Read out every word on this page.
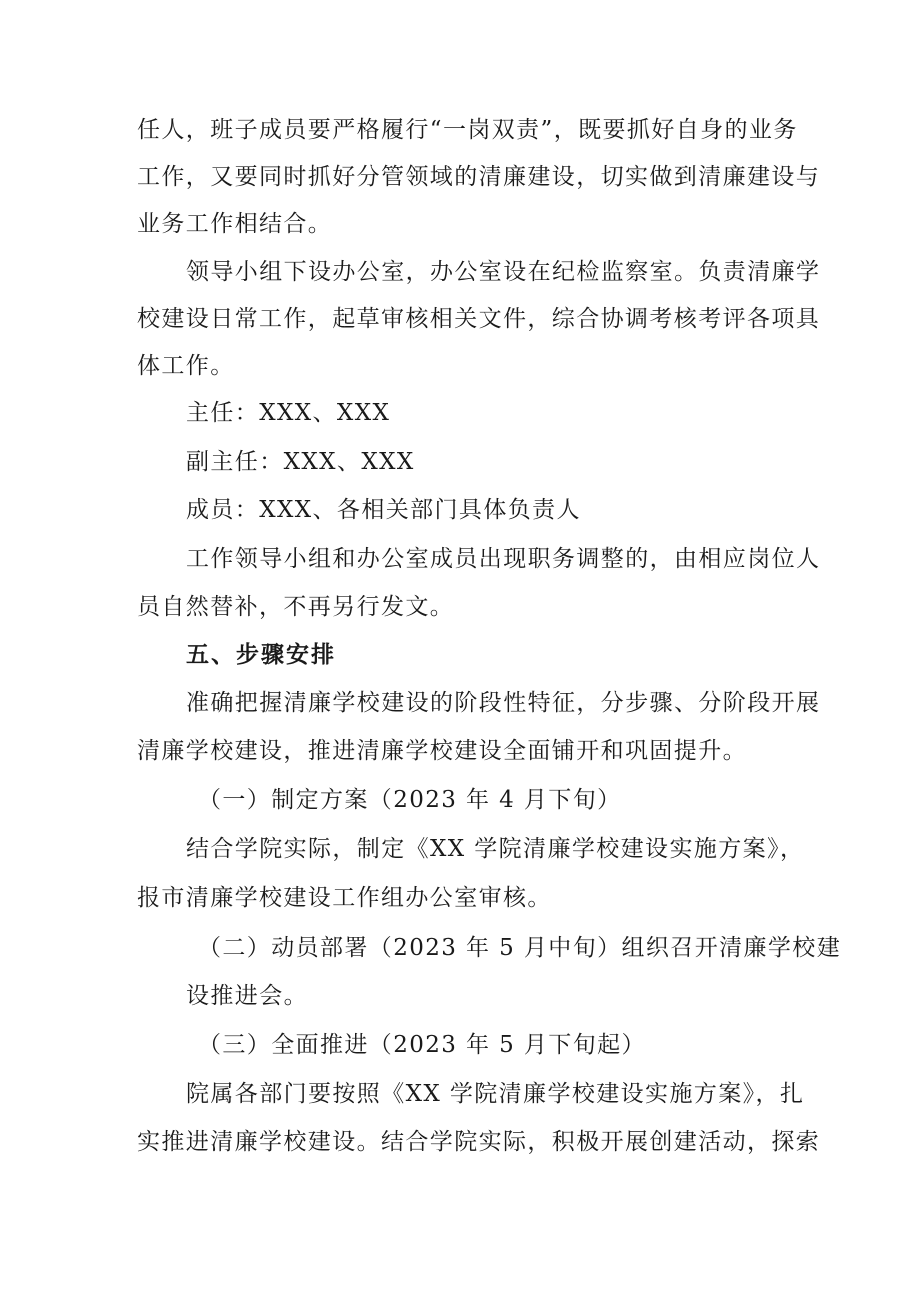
任人，班子成员要严格履行“一岗双责”，既要抓好自身的业务

工作，又要同时抓好分管领域的清廉建设，切实做到清廉建设与

业务工作相结合。

领导小组下设办公室，办公室设在纪检监察室。负责清廉学

校建设日常工作，起草审核相关文件，综合协调考核考评各项具

体工作。

主任：XXX、XXX

副主任：XXX、XXX

成员：XXX、各相关部门具体负责人

工作领导小组和办公室成员出现职务调整的，由相应岗位人

员自然替补，不再另行发文。

五、步骤安排

准确把握清廉学校建设的阶段性特征，分步骤、分阶段开展

清廉学校建设，推进清廉学校建设全面铺开和巩固提升。

（一）制定方案（2023 年 4 月下旬）

结合学院实际，制定《XX 学院清廉学校建设实施方案》，

报市清廉学校建设工作组办公室审核。

（二）动员部署（2023 年 5 月中旬）组织召开清廉学校建

设推进会。

（三）全面推进（2023 年 5 月下旬起）

院属各部门要按照《XX 学院清廉学校建设实施方案》，扎

实推进清廉学校建设。结合学院实际，积极开展创建活动，探索
